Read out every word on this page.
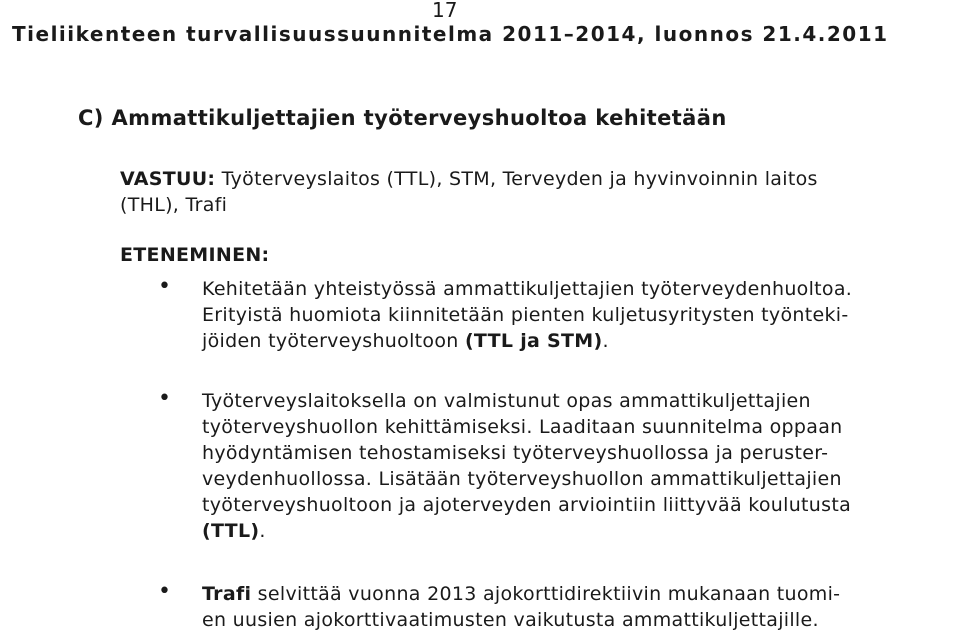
17
Tieliikenteen turvallisuussuunnitelma 2011–2014, luonnos 21.4.2011
C) Ammattikuljettajien työterveyshuoltoa kehitetään
VASTUU: Työterveyslaitos (TTL), STM, Terveyden ja hyvinvoinnin laitos
(THL), Trafi
ETENEMINEN:
• Kehitetään yhteistyössä ammattikuljettajien työterveydenhuoltoa.
Erityistä huomiota kiinnitetään pienten kuljetusyritysten työnteki-
jöiden työterveyshuoltoon (TTL ja STM).
• Työterveyslaitoksella on valmistunut opas ammattikuljettajien
työterveyshuollon kehittämiseksi. Laaditaan suunnitelma oppaan
hyödyntämisen tehostamiseksi työterveyshuollossa ja peruster-
veydenhuollossa. Lisätään työterveyshuollon ammattikuljettajien
työterveyshuoltoon ja ajoterveyden arviointiin liittyvää koulutusta
(TTL).
• Trafi selvittää vuonna 2013 ajokorttidirektiivin mukanaan tuomi-
en uusien ajokorttivaatimusten vaikutusta ammattikuljettajille.
